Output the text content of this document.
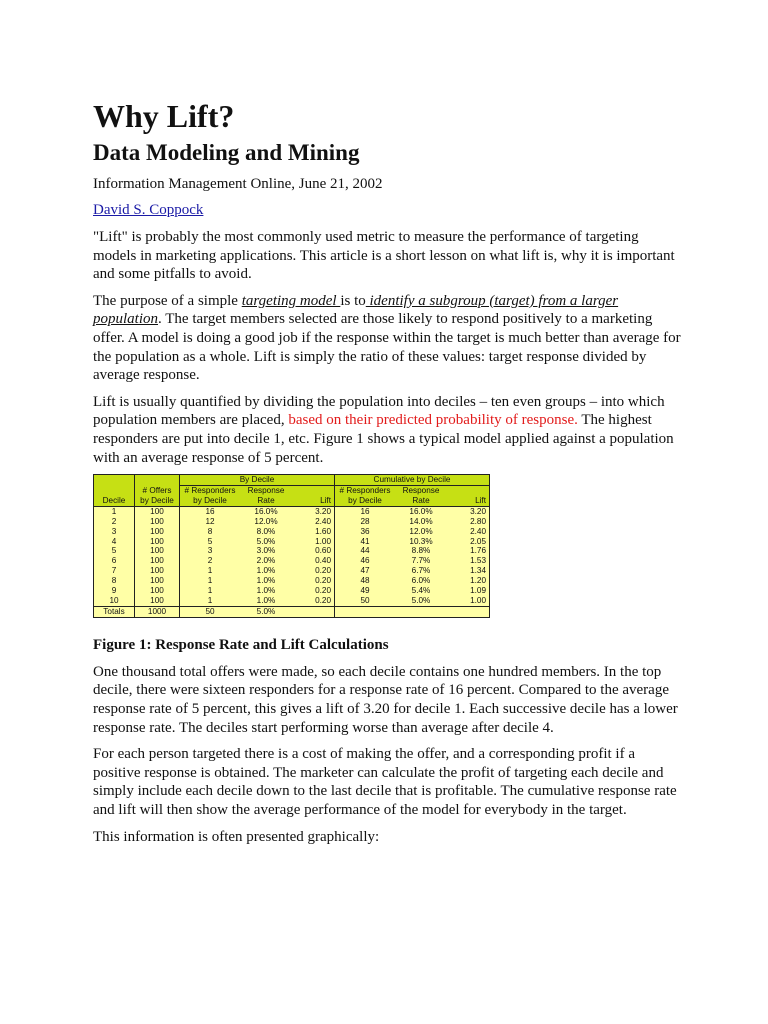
Why Lift?
Data Modeling and Mining
Information Management Online, June 21, 2002
David S. Coppock

"Lift" is probably the most commonly used metric to measure the performance of targeting models in marketing applications. This article is a short lesson on what lift is, why it is important and some pitfalls to avoid.

The purpose of a simple targeting model is to identify a subgroup (target) from a larger population. The target members selected are those likely to respond positively to a marketing offer. A model is doing a good job if the response within the target is much better than average for the population as a whole. Lift is simply the ratio of these values: target response divided by average response.

Lift is usually quantified by dividing the population into deciles – ten even groups – into which population members are placed, based on their predicted probability of response. The highest responders are put into decile 1, etc. Figure 1 shows a typical model applied against a population with an average response of 5 percent.

		By Decile			Cumulative by Decile		
	# Offers	# Responders	Response		# Responders	Response	
Decile	by Decile	by Decile	Rate	Lift	by Decile	Rate	Lift
1	100	16	16.0%	3.20	16	16.0%	3.20
2	100	12	12.0%	2.40	28	14.0%	2.80
3	100	8	8.0%	1.60	36	12.0%	2.40
4	100	5	5.0%	1.00	41	10.3%	2.05
5	100	3	3.0%	0.60	44	8.8%	1.76
6	100	2	2.0%	0.40	46	7.7%	1.53
7	100	1	1.0%	0.20	47	6.7%	1.34
8	100	1	1.0%	0.20	48	6.0%	1.20
9	100	1	1.0%	0.20	49	5.4%	1.09
10	100	1	1.0%	0.20	50	5.0%	1.00
Totals	1000	50	5.0%				
Figure 1: Response Rate and Lift Calculations

One thousand total offers were made, so each decile contains one hundred members. In the top decile, there were sixteen responders for a response rate of 16 percent. Compared to the average response rate of 5 percent, this gives a lift of 3.20 for decile 1. Each successive decile has a lower response rate. The deciles start performing worse than average after decile 4.

For each person targeted there is a cost of making the offer, and a corresponding profit if a positive response is obtained. The marketer can calculate the profit of targeting each decile and simply include each decile down to the last decile that is profitable. The cumulative response rate and lift will then show the average performance of the model for everybody in the target.

This information is often presented graphically:
